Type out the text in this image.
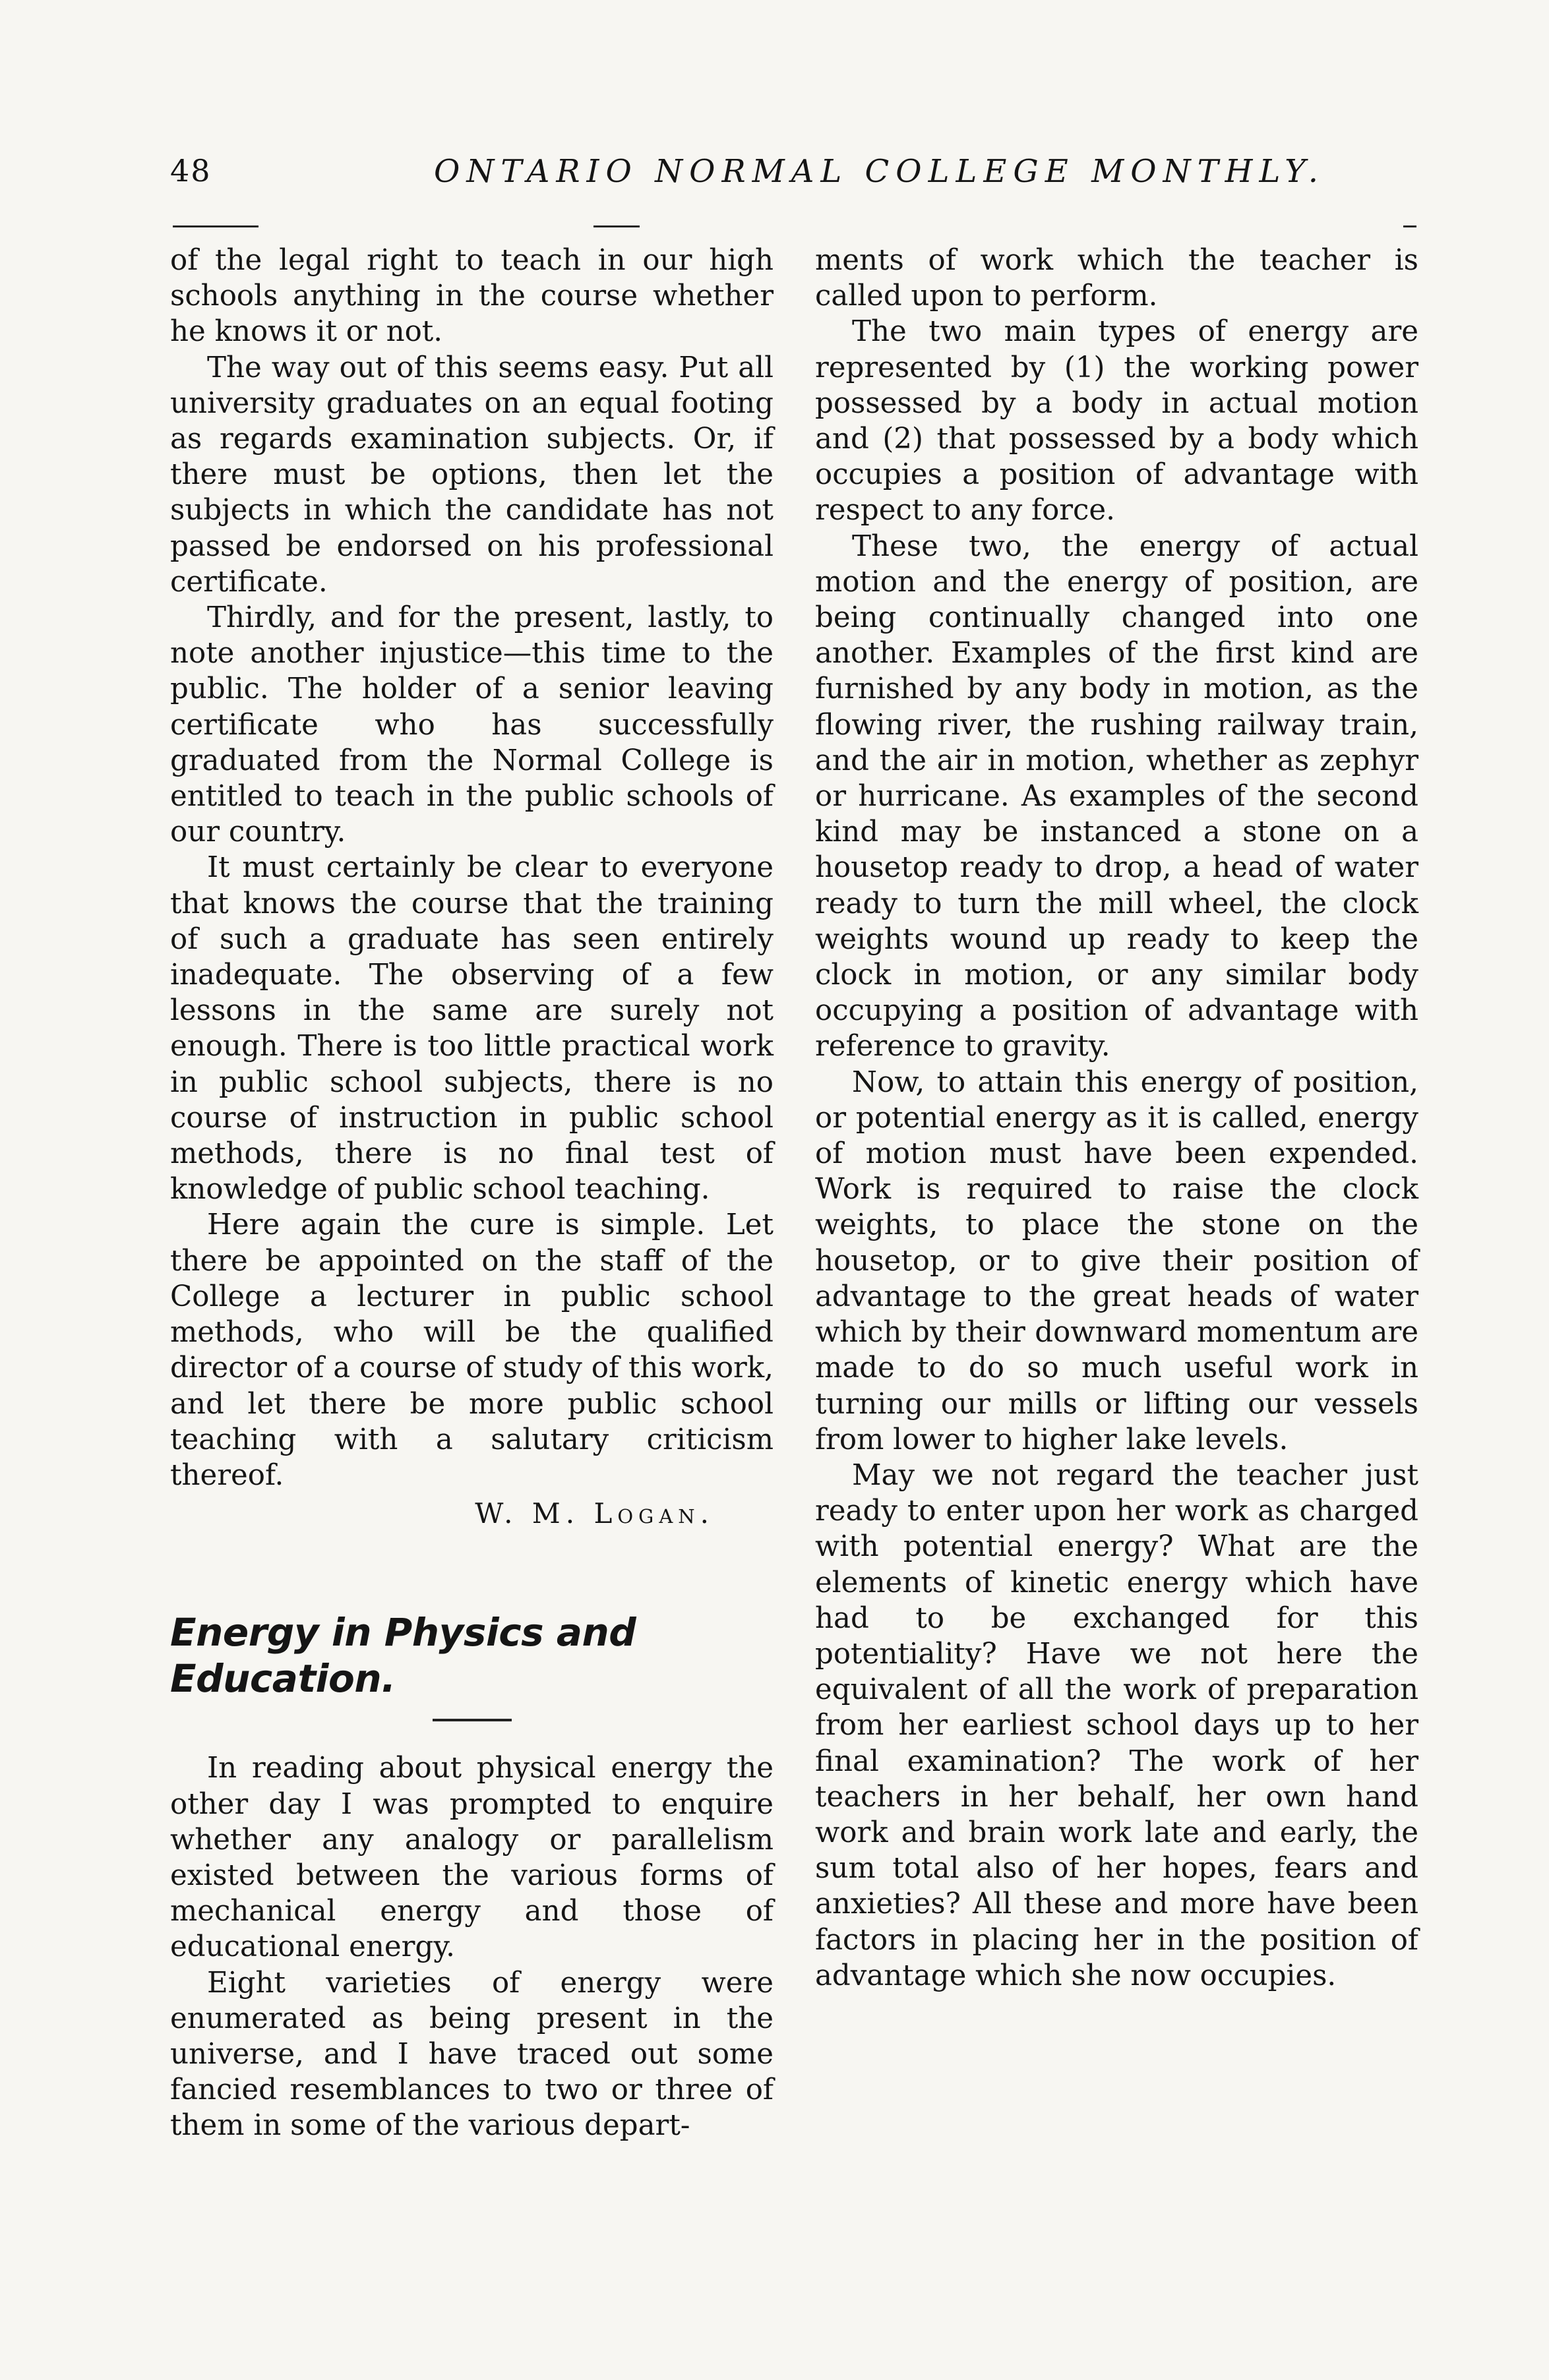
48	ONTARIO NORMAL COLLEGE MONTHLY.

of the legal right to teach in our high schools anything in the course whether he knows it or not.

The way out of this seems easy. Put all university graduates on an equal footing as regards examination subjects. Or, if there must be options, then let the subjects in which the candidate has not passed be endorsed on his professional certificate.

Thirdly, and for the present, lastly, to note another injustice—this time to the public. The holder of a senior leaving certificate who has successfully graduated from the Normal College is entitled to teach in the public schools of our country.

It must certainly be clear to everyone that knows the course that the training of such a graduate has seen entirely inadequate. The observing of a few lessons in the same are surely not enough. There is too little practical work in public school subjects, there is no course of instruction in public school methods, there is no final test of knowledge of public school teaching.

Here again the cure is simple. Let there be appointed on the staff of the College a lecturer in public school methods, who will be the qualified director of a course of study of this work, and let there be more public school teaching with a salutary criticism thereof.

W. M. Logan.
Energy in Physics and Education.

In reading about physical energy the other day I was prompted to enquire whether any analogy or parallelism existed between the various forms of mechanical energy and those of educational energy.

Eight varieties of energy were enumerated as being present in the universe, and I have traced out some fancied resemblances to two or three of them in some of the various depart-

ments of work which the teacher is called upon to perform.

The two main types of energy are represented by (1) the working power possessed by a body in actual motion and (2) that possessed by a body which occupies a position of advantage with respect to any force.

These two, the energy of actual motion and the energy of position, are being continually changed into one another. Examples of the first kind are furnished by any body in motion, as the flowing river, the rushing railway train, and the air in motion, whether as zephyr or hurricane. As examples of the second kind may be instanced a stone on a housetop ready to drop, a head of water ready to turn the mill wheel, the clock weights wound up ready to keep the clock in motion, or any similar body occupying a position of advantage with reference to gravity.

Now, to attain this energy of position, or potential energy as it is called, energy of motion must have been expended. Work is required to raise the clock weights, to place the stone on the housetop, or to give their position of advantage to the great heads of water which by their downward momentum are made to do so much useful work in turning our mills or lifting our vessels from lower to higher lake levels.

May we not regard the teacher just ready to enter upon her work as charged with potential energy? What are the elements of kinetic energy which have had to be exchanged for this potentiality? Have we not here the equivalent of all the work of preparation from her earliest school days up to her final examination? The work of her teachers in her behalf, her own hand work and brain work late and early, the sum total also of her hopes, fears and anxieties? All these and more have been factors in placing her in the position of advantage which she now occupies.
